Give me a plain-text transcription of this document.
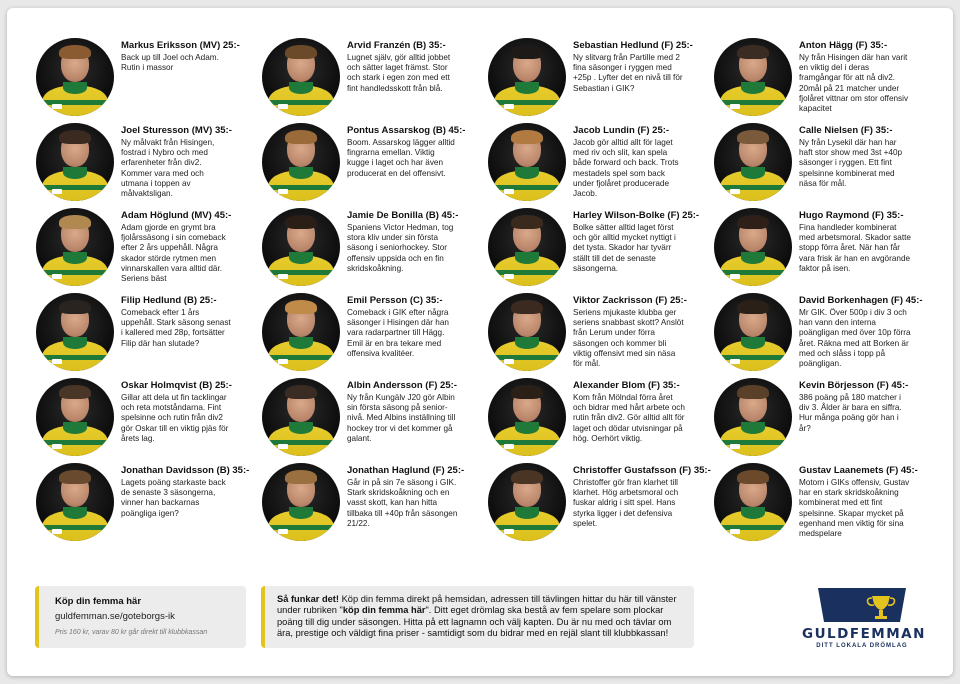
Markus Eriksson (MV) 25:-
Back up till Joel och Adam. Rutin i massor
Arvid Franzén (B) 35:-
Lugnet själv, gör alltid jobbet och sätter laget främst. Stor och stark i egen zon med ett fint handledsskott från blå.
Sebastian Hedlund (F) 25:-
Ny slitvarg från Partille med 2 fina säsonger i ryggen med +25p . Lyfter det en nivå till för Sebastian i GIK?
Anton Hägg (F) 35:-
Ny från Hisingen där han varit en viktig del i deras framgångar för att nå div2. 20mål på 21 matcher under fjolåret vittnar om stor offensiv kapacitet
Joel Sturesson (MV) 35:-
Ny målvakt från Hisingen, fostrad i Nybro och med erfarenheter från div2. Kommer vara med och utmana i toppen av målvaktsligan.
Pontus Assarskog (B) 45:-
Boom. Assarskog lägger alltid fingrarna emellan. Viktig kugge i laget och har även producerat en del offensivt.
Jacob Lundin (F) 25:-
Jacob gör alltid allt för laget med riv och slit, kan spela både forward och back. Trots mestadels spel som back under fjolåret producerade Jacob.
Calle Nielsen (F) 35:-
Ny från Lysekil där han har haft stor show med 3st +40p säsonger i ryggen. Ett fint spelsinne kombinerat med näsa för mål.
Adam Höglund (MV) 45:-
Adam gjorde en grymt bra fjolårssäsong i sin comeback efter 2 års uppehåll. Några skador störde rytmen men vinnarskallen vara alltid där. Seriens bäst
Jamie De Bonilla (B) 45:-
Spaniens Victor Hedman, tog stora kliv under sin första säsong i seniorhockey. Stor offensiv uppsida och en fin skridskoåkning.
Harley Wilson-Bolke (F) 25:-
Bolke sätter alltid laget först och gör alltid mycket nyttigt i det tysta. Skador har tyvärr ställt till det de senaste säsongerna.
Hugo Raymond (F) 35:-
Fina handleder kombinerat med arbetsmoral. Skador satte stopp förra året. När han får vara frisk är han en avgörande faktor på isen.
Filip Hedlund (B) 25:-
Comeback efter 1 års uppehåll. Stark säsong senast i kallered med 28p, fortsätter Filip där han slutade?
Emil Persson (C) 35:-
Comeback i GIK efter några säsonger i Hisingen där han vara radarpartner till Hägg. Emil är en bra tekare med offensiva kvalitéer.
Viktor Zackrisson (F) 25:-
Seriens mjukaste klubba ger seriens snabbast skott? Anslöt från Lerum under förra säsongen och kommer bli viktig offensivt med sin näsa för mål.
David Borkenhagen (F) 45:-
Mr GIK. Över 500p i div 3 och han vann den interna poängligan med över 10p förra året. Räkna med att Borken är med och slåss i topp på poängligan.
Oskar Holmqvist (B) 25:-
Gillar att dela ut fin tacklingar och reta motståndarna. Fint spelsinne och rutin från div2 gör Oskar till en viktig pjäs för årets lag.
Albin Andersson (F) 25:-
Ny från Kungälv J20 gör Albin sin första säsong på senior-nivå. Med Albins inställning till hockey tror vi det kommer gå galant.
Alexander Blom (F) 35:-
Kom från Mölndal förra året och bidrar med hårt arbete och rutin från div2. Gör alltid allt för laget och dödar utvisningar på hög. Oerhört viktig.
Kevin Börjesson (F) 45:-
386 poäng på 180 matcher i div 3. Ålder är bara en siffra. Hur många poäng gör han i år?
Jonathan Davidsson (B) 35:-
Lagets poäng starkaste back de senaste 3 säsongerna, vinner han backarnas poängliga igen?
Jonathan Haglund (F) 25:-
Går in på sin 7e säsong i GIK. Stark skridskoåkning och en vasst skott, kan han hitta tillbaka till +40p från säsongen 21/22.
Christoffer Gustafsson (F) 35:-
Christoffer gör fran klarhet till klarhet. Hög arbetsmoral och fuskar aldrig i sitt spel. Hans styrka ligger i det defensiva spelet.
Gustav Laanemets (F) 45:-
Motorn i GIKs offensiv, Gustav har en stark skridskoåkning kombinerat med ett fint spelsinne. Skapar mycket på egenhand men viktig för sina medspelare
Köp din femma här
guldfemman.se/goteborgs-ik
Pris 160 kr, varav 80 kr går direkt till klubbkassan
Så funkar det! Köp din femma direkt på hemsidan, adressen till tävlingen hittar du här till vänster under rubriken "köp din femma här". Ditt eget drömlag ska bestå av fem spelare som plockar poäng till dig under säsongen. Hitta på ett lagnamn och välj kapten. Du är nu med och tävlar om ära, prestige och väldigt fina priser - samtidigt som du bidrar med en rejäl slant till klubbkassan!	GULDFEMMAN
DITT LOKALA DRÖMLAG
